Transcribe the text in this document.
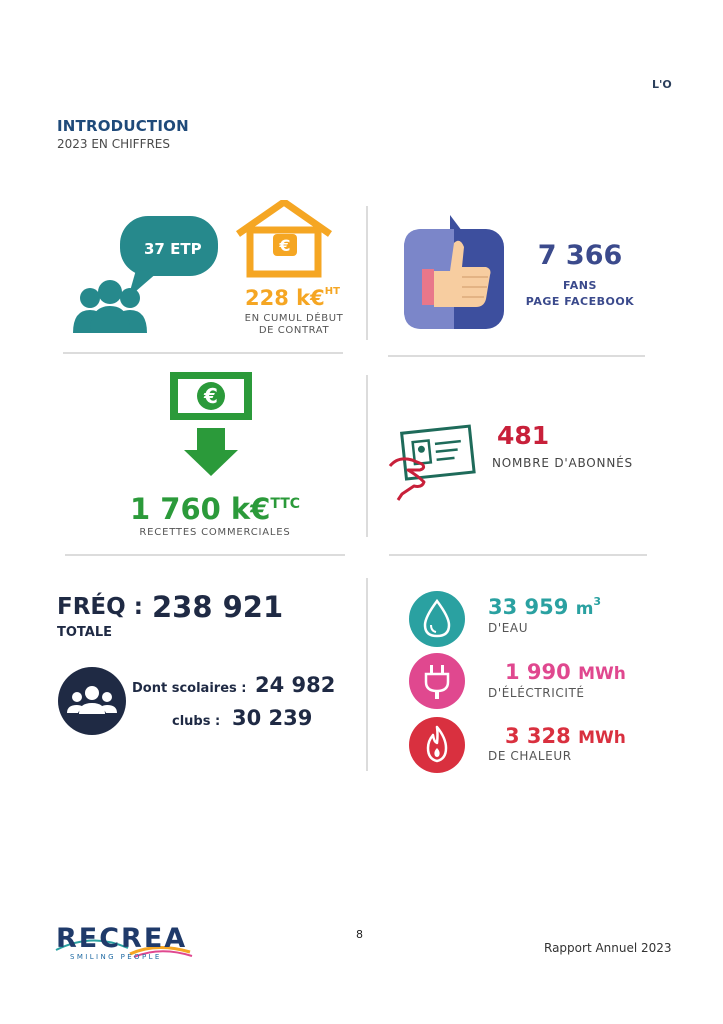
L'O
INTRODUCTION
2023 EN CHIFFRES
37 ETP	€
228 k€$^{HT}$
EN CUMUL DÉBUT
DE CONTRAT
7 366
FANS
PAGE FACEBOOK
€
1 760 k€$^{TTC}$
RECETTES COMMERCIALES
481
NOMBRE D'ABONNÉS
FRÉQ : 238 921
TOTALE
Dont scolaires : 24 982
clubs : 30 239
33 959 $m^3$
D'EAU
1 990 MWh
D'ÉLÉCTRICITÉ
3 328 MWh
DE CHALEUR
RECREA
SMILING PEOPLE
8
Rapport Annuel 2023
